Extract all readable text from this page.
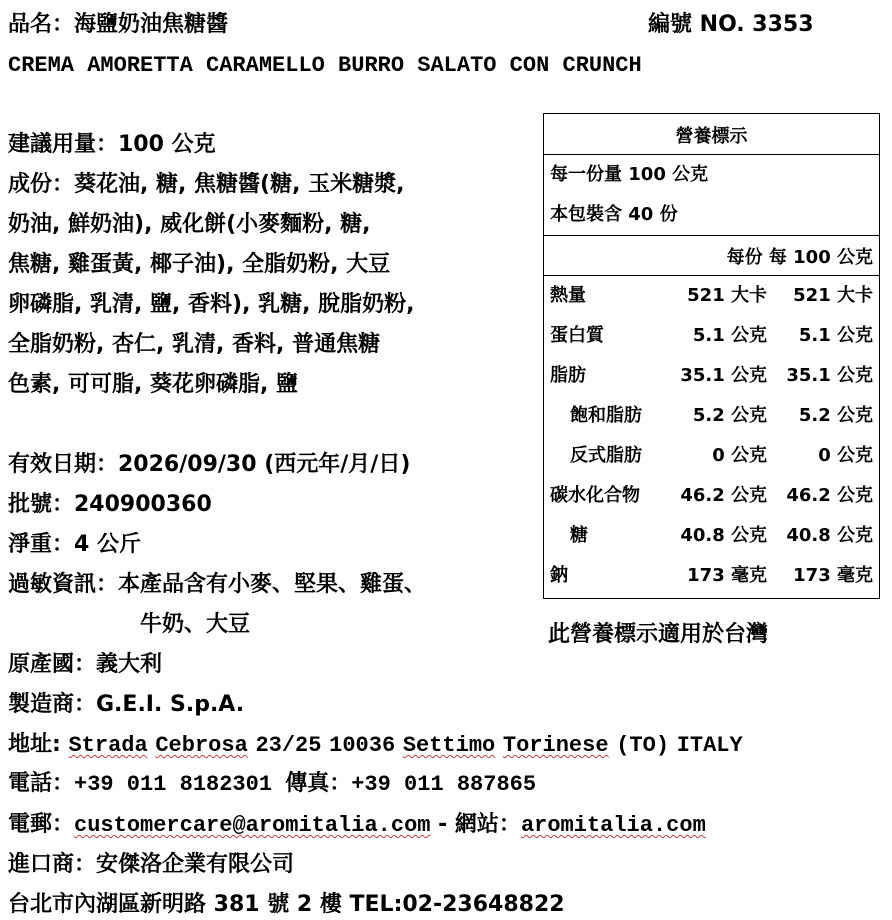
品名：海鹽奶油焦糖醬	編號 NO. 3353
CREMA AMORETTA CARAMELLO BURRO SALATO CON CRUNCH
建議用量：100 公克
成份：葵花油, 糖, 焦糖醬(糖, 玉米糖漿,
奶油, 鮮奶油), 威化餅(小麥麵粉, 糖,
焦糖, 雞蛋黃, 椰子油), 全脂奶粉, 大豆
卵磷脂, 乳清, 鹽, 香料), 乳糖, 脫脂奶粉,
全脂奶粉, 杏仁, 乳清, 香料, 普通焦糖
色素, 可可脂, 葵花卵磷脂, 鹽
有效日期：2026/09/30 (西元年/月/日)
批號：240900360
淨重：4 公斤
過敏資訊：本產品含有小麥、堅果、雞蛋、
牛奶、大豆
原產國：義大利
製造商：G.E.I. S.p.A.
地址: Strada Cebrosa 23/25 10036 Settimo Torinese (TO) ITALY
電話：+39 011 8182301 傳真：+39 011 887865
電郵：customercare@aromitalia.com - 網站：aromitalia.com
進口商：安傑洛企業有限公司
台北市內湖區新明路 381 號 2 樓 TEL:02-23648822
營養標示
每一份量 100 公克
本包裝含 40 份
每份 每 100 公克
熱量	521 大卡 521 大卡
蛋白質	5.1 公克 5.1 公克
脂肪	35.1 公克 35.1 公克
飽和脂肪	5.2 公克 5.2 公克
反式脂肪	0 公克	0 公克
碳水化合物 46.2 公克 46.2 公克
糖	40.8 公克 40.8 公克
鈉	173 毫克 173 毫克
此營養標示適用於台灣
